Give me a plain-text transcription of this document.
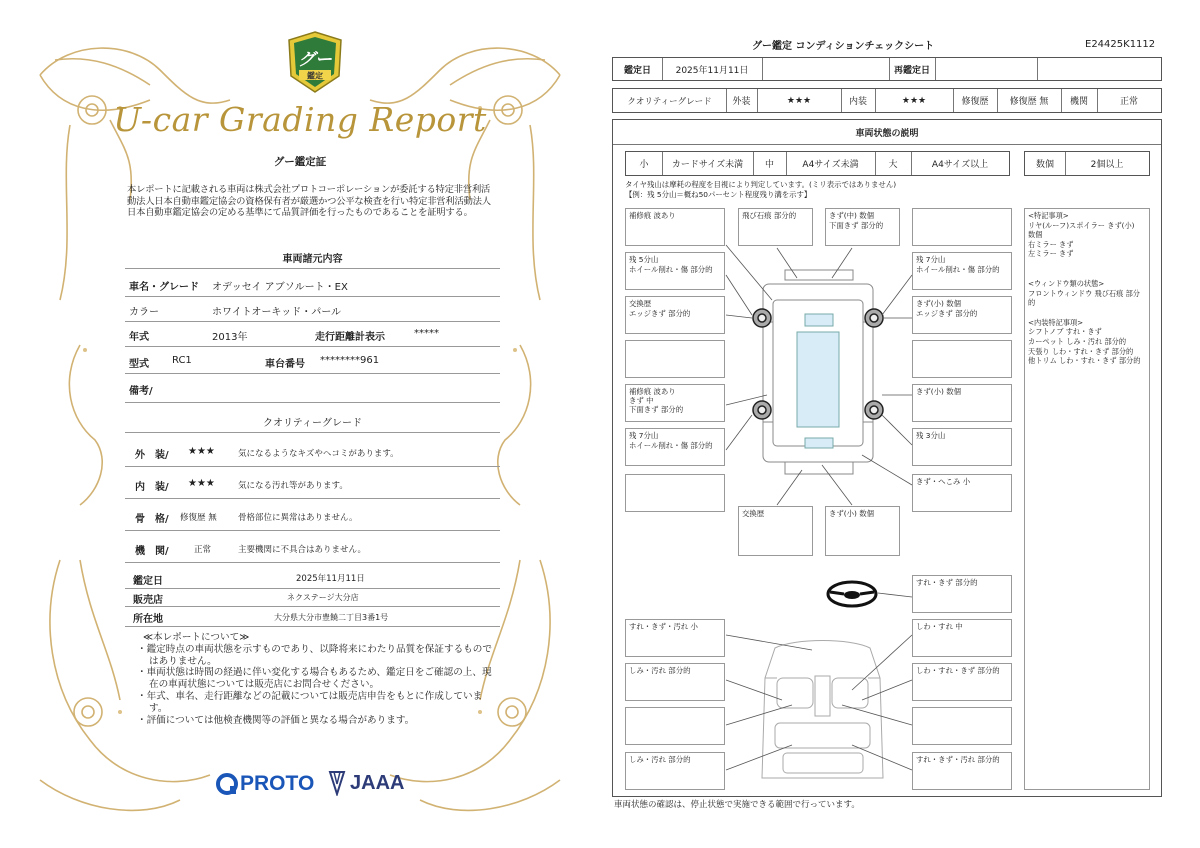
グー
鑑定
U-car Grading Report
グー鑑定証
本レポートに記載される車両は株式会社プロトコーポレーションが委託する特定非営利活動法人日本自動車鑑定協会の資格保有者が厳選かつ公平な検査を行い特定非営利活動法人日本自動車鑑定協会の定める基準にて品質評価を行ったものであることを証明する。
車両諸元内容
車名・グレード オデッセイ アブソルート・EX
カラー	ホワイトオーキッド・パール
年式	2013年	走行距離計表示	*****
型式 RC1	車台番号 ********961
備考/
クオリティーグレード
外　装/ ★★★	気になるようなキズやヘコミがあります。
内　装/ ★★★	気になる汚れ等があります。
骨　格/ 修復歴 無	骨格部位に異常はありません。
機　関/	正常	主要機関に不具合はありません。
鑑定日	2025年11月11日
販売店	ネクステージ大分店
所在地	大分県大分市豊饒二丁目3番1号
≪本レポートについて≫

・鑑定時点の車両状態を示すものであり、以降将来にわたり品質を保証するものではありません。

・車両状態は時間の経過に伴い変化する場合もあるため、鑑定日をご確認の上、現在の車両状態については販売店にお問合せください。

・年式、車名、走行距離などの記載については販売店申告をもとに作成しています。

・評価については他検査機関等の評価と異なる場合があります。

PROTO JAAA
グー鑑定 コンディションチェックシート	E24425K1112
鑑定日	2025年11月11日	再鑑定日
クオリティーグレード	外装	★★★	内装	★★★	修復歴	修復歴 無	機関	正常
車両状態の説明
小	カードサイズ未満	中	A4サイズ未満	大	A4サイズ以上	数個	2個以上
タイヤ残山は摩耗の程度を目視により判定しています。(ミリ表示ではありません)
【例：残 5分山＝概ね50パーセント程度残り溝を示す】
補修痕 波あり	飛び石痕 部分的	きず(中) 数個
下面きず 部分的
残 5分山
ホイール削れ・傷 部分的
残 7分山
ホイール削れ・傷 部分的
交換歴
エッジきず 部分的
きず(小) 数個
エッジきず 部分的
補修痕 波あり
きず 中
下面きず 部分的
きず(小) 数個
残 7分山
ホイール削れ・傷 部分的
残 3分山
きず・へこみ 小
交換歴	きず(小) 数個
<特記事項>
リヤ(ルーフ)スポイラー きず(小)
数個
右ミラー きず
左ミラー きず
<ウィンドウ類の状態>
フロントウィンドウ 飛び石痕 部分的
<内装特記事項>
シフトノブ すれ・きず
カーペット しみ・汚れ 部分的
天張り しわ・すれ・きず 部分的
他トリム しわ・すれ・きず 部分的
すれ・きず 部分的
すれ・きず・汚れ 小	しわ・すれ 中
しみ・汚れ 部分的	しわ・すれ・きず 部分的
しみ・汚れ 部分的	すれ・きず・汚れ 部分的
車両状態の確認は、停止状態で実施できる範囲で行っています。
